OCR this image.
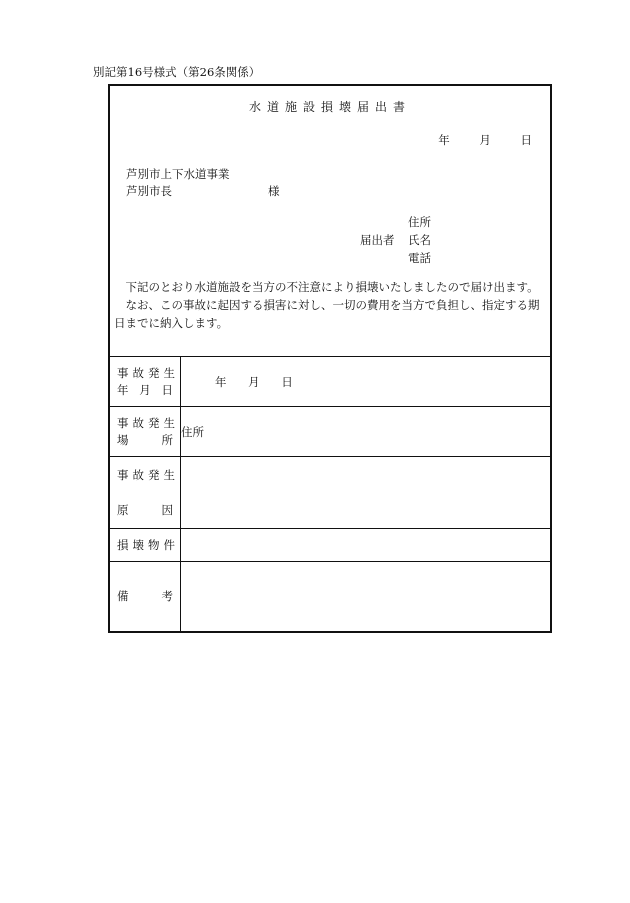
別記第16号様式（第26条関係）
水道施設損壊届出書
年	月	日
芦別市上下水道事業
芦別市長	様
住所
届出者 氏名
電話

下記のとおり水道施設を当方の不注意により損壊いたしましたので届け出ます。

なお、この事故に起因する損害に対し、一切の費用を当方で負担し、指定する期日までに納入します。

事故発生
年 月 日	年 月 日

事故発生
場 所	住所

事故発生
原 因	

損壊物件	

備 考	
